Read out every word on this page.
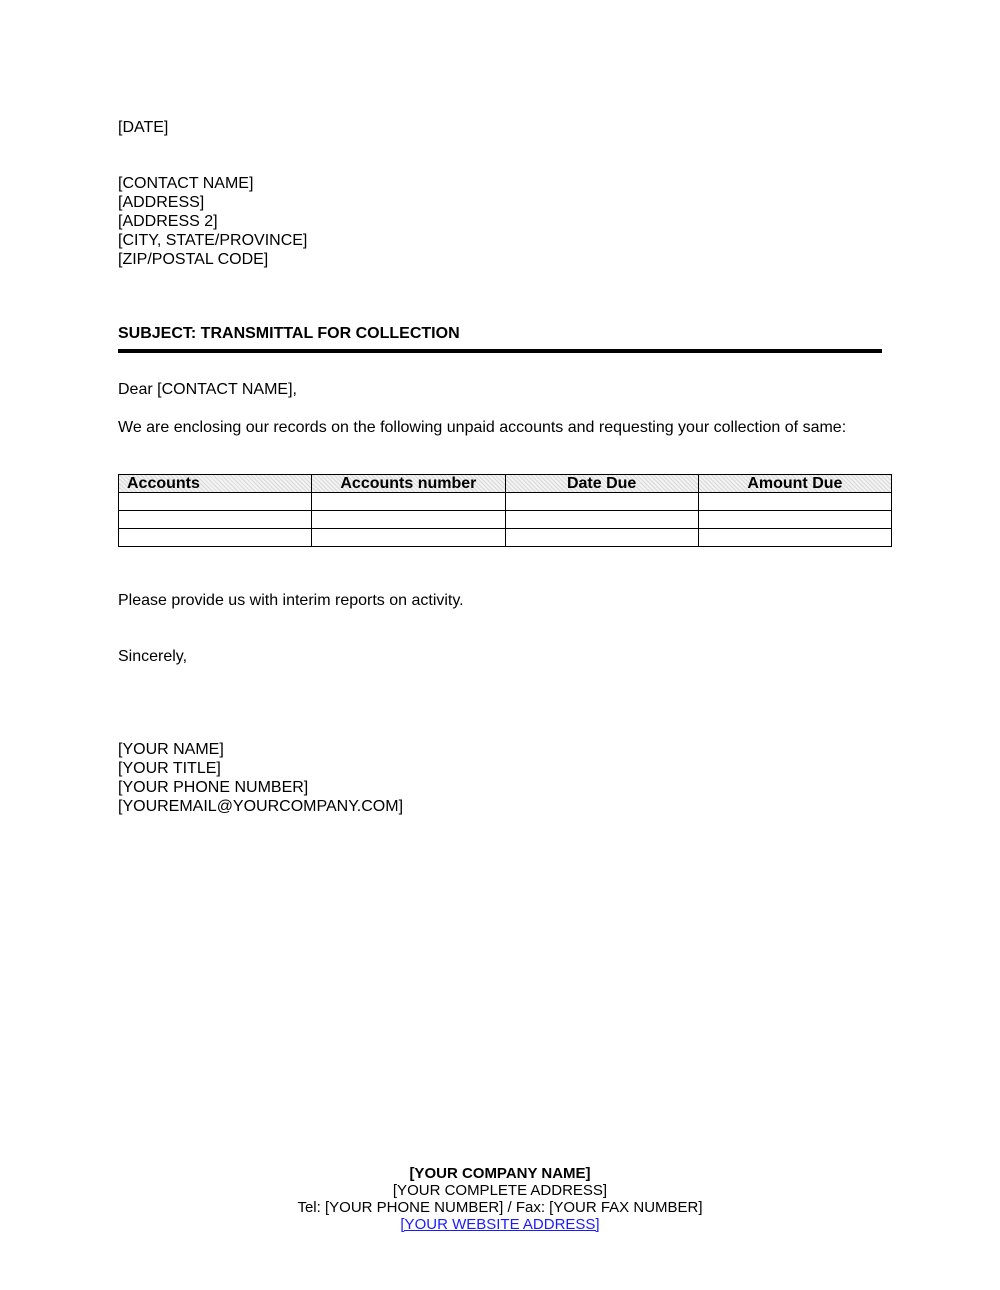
[DATE]
[CONTACT NAME]
[ADDRESS]
[ADDRESS 2]
[CITY, STATE/PROVINCE]
[ZIP/POSTAL CODE]
SUBJECT: TRANSMITTAL FOR COLLECTION
Dear [CONTACT NAME],
We are enclosing our records on the following unpaid accounts and requesting your collection of same:
Accounts	Accounts number	Date Due	Amount Due

Please provide us with interim reports on activity.
Sincerely,
[YOUR NAME]
[YOUR TITLE]
[YOUR PHONE NUMBER]
[YOUREMAIL@YOURCOMPANY.COM]
[YOUR COMPANY NAME]
[YOUR COMPLETE ADDRESS]
Tel: [YOUR PHONE NUMBER] / Fax: [YOUR FAX NUMBER]
[YOUR WEBSITE ADDRESS]
